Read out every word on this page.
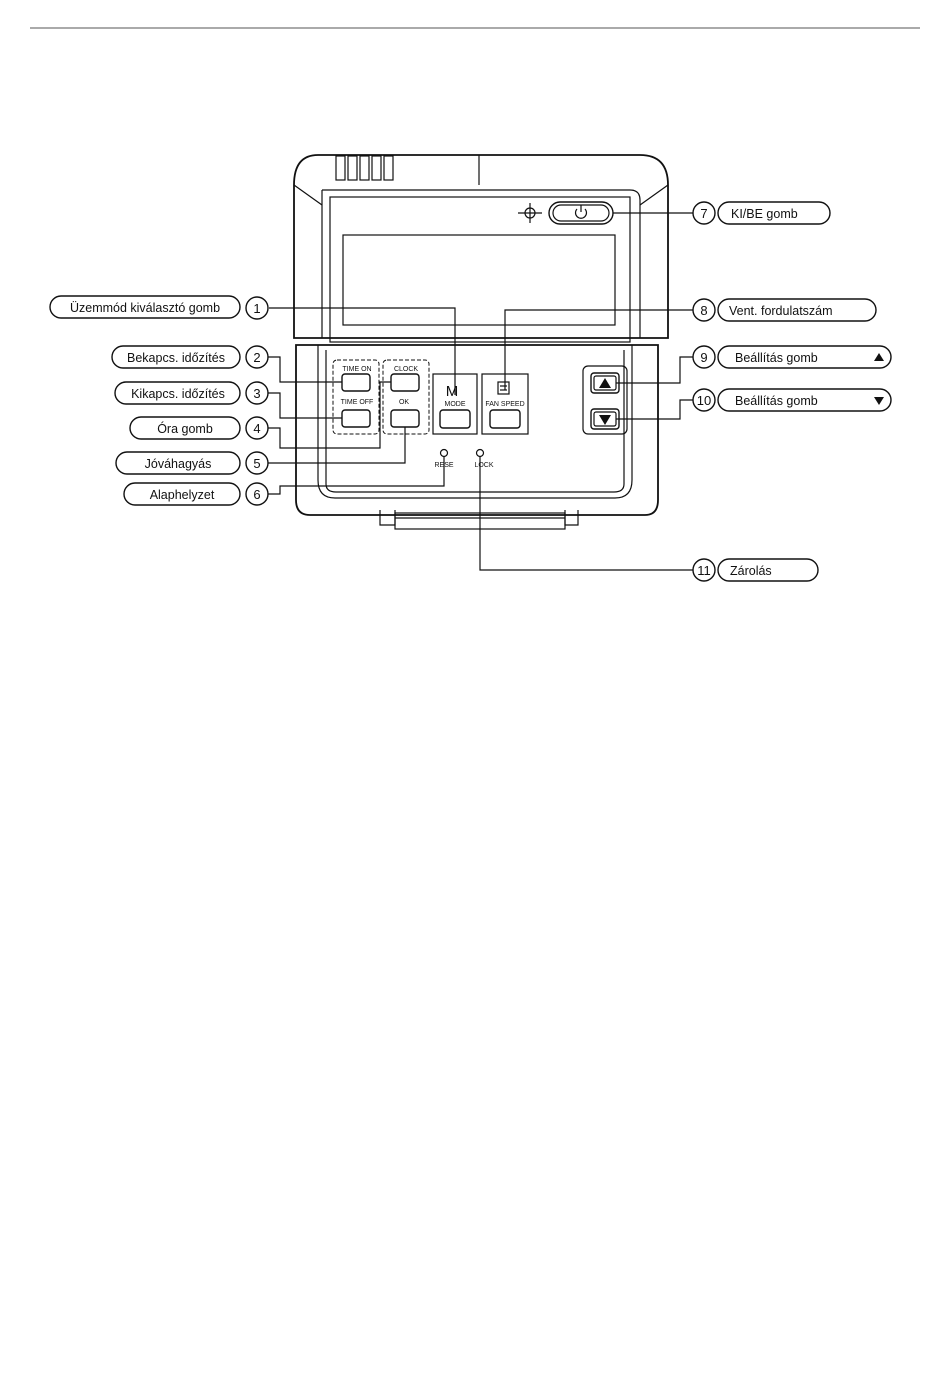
TIME ON
TIME OFF
CLOCK
OK
M
MODE	FAN SPEED
RESE	LOCK
Üzemmód kiválasztó gomb	1
Bekapcs. időzítés 2
Kikapcs. időzítés 3
Óra gomb	4
Jóváhagyás	5
Alaphelyzet	6
7 KI/BE gomb
8 Vent. fordulatszám
9 Beállítás gomb
10 Beállítás gomb
11 Zárolás
